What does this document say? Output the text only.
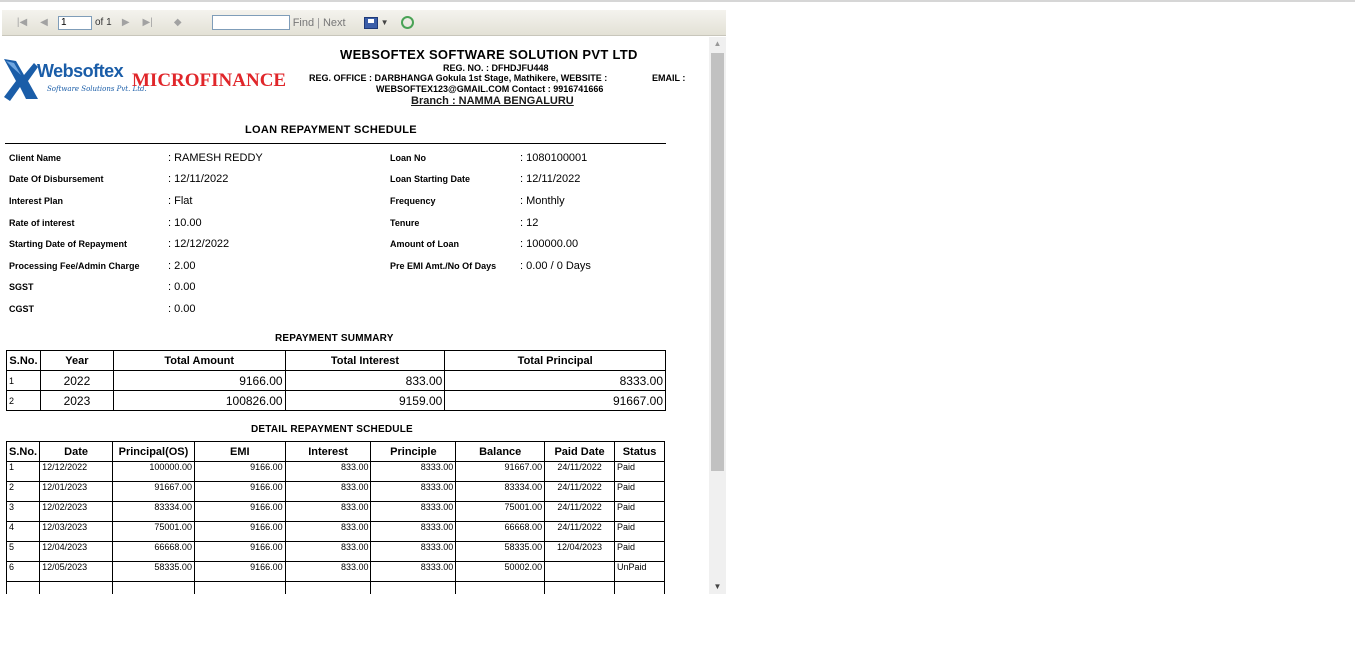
|◀	◀
1	of 1	▶	▶|	◆	Find | Next	▼
Websoftex
Software Solutions Pvt. Ltd.
MICROFINANCE
WEBSOFTEX SOFTWARE SOLUTION PVT LTD
REG. NO. : DFHDJFU448
REG. OFFICE : DARBHANGA Gokula 1st Stage, Mathikere, WEBSITE :	EMAIL :
WEBSOFTEX123@GMAIL.COM Contact : 9916741666
Branch : NAMMA BENGALURU
LOAN REPAYMENT SCHEDULE
Client Name	: RAMESH REDDY
Date Of Disbursement	: 12/11/2022
Interest Plan	: Flat
Rate of interest	: 10.00
Starting Date of Repayment	: 12/12/2022
Processing Fee/Admin Charge	: 2.00
SGST	: 0.00
CGST	: 0.00
Loan No	: 1080100001
Loan Starting Date	: 12/11/2022
Frequency	: Monthly
Tenure	: 12
Amount of Loan	: 100000.00
Pre EMI Amt./No Of Days : 0.00 / 0 Days
REPAYMENT SUMMARY
S.No.	Year	Total Amount	Total Interest	Total Principal
1	2022	9166.00	833.00	8333.00
2	2023	100826.00	9159.00	91667.00
DETAIL REPAYMENT SCHEDULE
S.No.	Date	Principal(OS)	EMI	Interest	Principle	Balance	Paid Date	Status
1	12/12/2022	100000.00	9166.00	833.00	8333.00	91667.00	24/11/2022	Paid
2	12/01/2023	91667.00	9166.00	833.00	8333.00	83334.00	24/11/2022	Paid
3	12/02/2023	83334.00	9166.00	833.00	8333.00	75001.00	24/11/2022	Paid
4	12/03/2023	75001.00	9166.00	833.00	8333.00	66668.00	24/11/2022	Paid
5	12/04/2023	66668.00	9166.00	833.00	8333.00	58335.00	12/04/2023	Paid
6	12/05/2023	58335.00	9166.00	833.00	8333.00	50002.00		UnPaid

▲
▼
